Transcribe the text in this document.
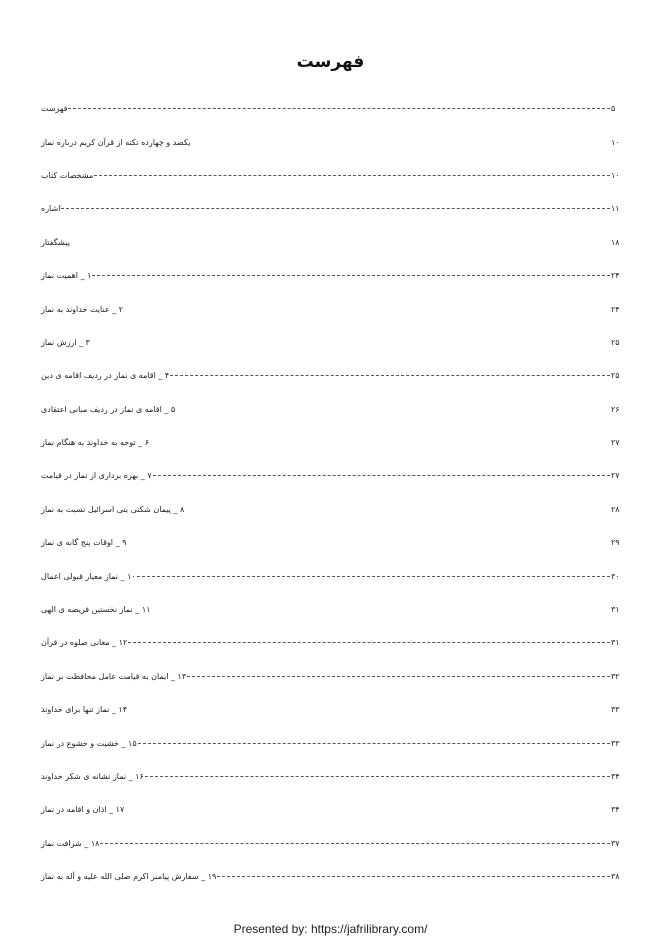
فهرست
فهرست	۵
یکصد و چهارده نکته از قرآن کریم درباره نماز	۱۰
مشخصات کتاب	۱۰
اشاره	۱۱
پیشگفتار	۱۸
۱ _ اهمیت نماز	۲۴
۲ _ عنایت خداوند به نماز	۲۴
۳ _ ارزش نماز	۲۵
۴ _ اقامه ی نماز در ردیف اقامه ی دین	۲۵
۵ _ اقامه ی نماز در ردیف مبانی اعتقادی	۲۶
۶ _ توجه به خداوند به هنگام نماز	۲۷
۷ _ بهره برداری از نماز در قیامت	۲۷
۸ _ پیمان شکنی بنی اسرائیل نسبت به نماز	۲۸
۹ _ اوقات پنج گانه ی نماز	۲۹
۱۰ _ نماز معیار قبولی اعمال	۳۰
۱۱ _ نماز نخستین فریضه ی الهی	۳۱
۱۲ _ معانی صلوه در قرآن	۳۱
۱۳ _ ایمان به قیامت عامل محافظت بر نماز	۳۲
۱۴ _ نماز تنها برای خداوند	۳۳
۱۵ _ خشیت و خشوع در نماز	۳۳
۱۶ _ نماز نشانه ی شکر خداوند	۳۴
۱۷ _ اذان و اقامه در نماز	۳۴
۱۸ _ شرافت نماز	۳۷
۱۹ _ سفارش پیامبر اکرم صلی الله علیه و آله به نماز	۳۸
Presented by: https://jafrilibrary.com/
